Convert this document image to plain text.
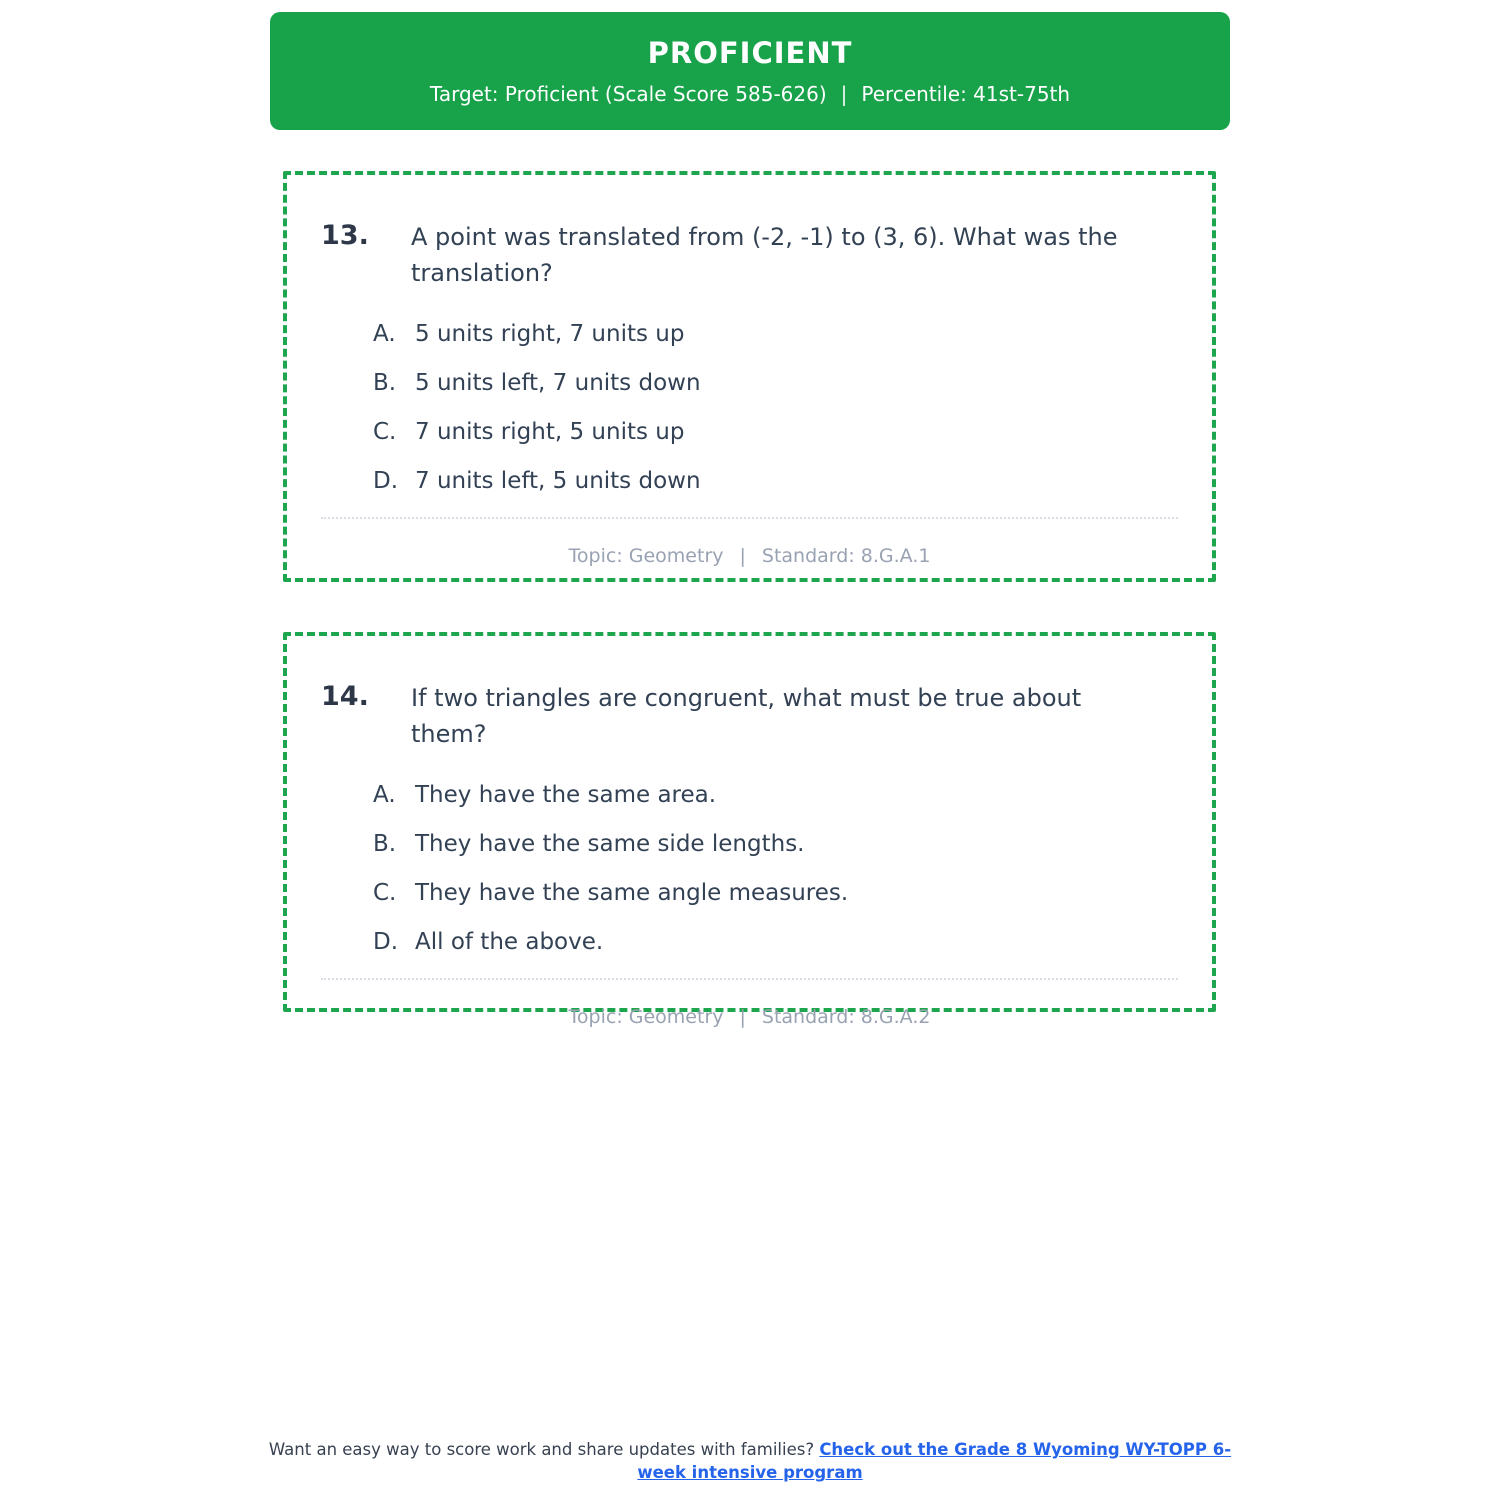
PROFICIENT
Target: Proficient (Scale Score 585-626) | Percentile: 41st-75th
13.	A point was translated from (-2, -1) to (3, 6). What was the translation?
A. 5 units right, 7 units up
B. 5 units left, 7 units down
C. 7 units right, 5 units up
D. 7 units left, 5 units down
Topic: Geometry | Standard: 8.G.A.1
14.	If two triangles are congruent, what must be true about them?
A. They have the same area.
B. They have the same side lengths.
C. They have the same angle measures.
D. All of the above.
Topic: Geometry | Standard: 8.G.A.2
Want an easy way to score work and share updates with families? Check out the Grade 8 Wyoming WY-TOPP 6-week intensive program
